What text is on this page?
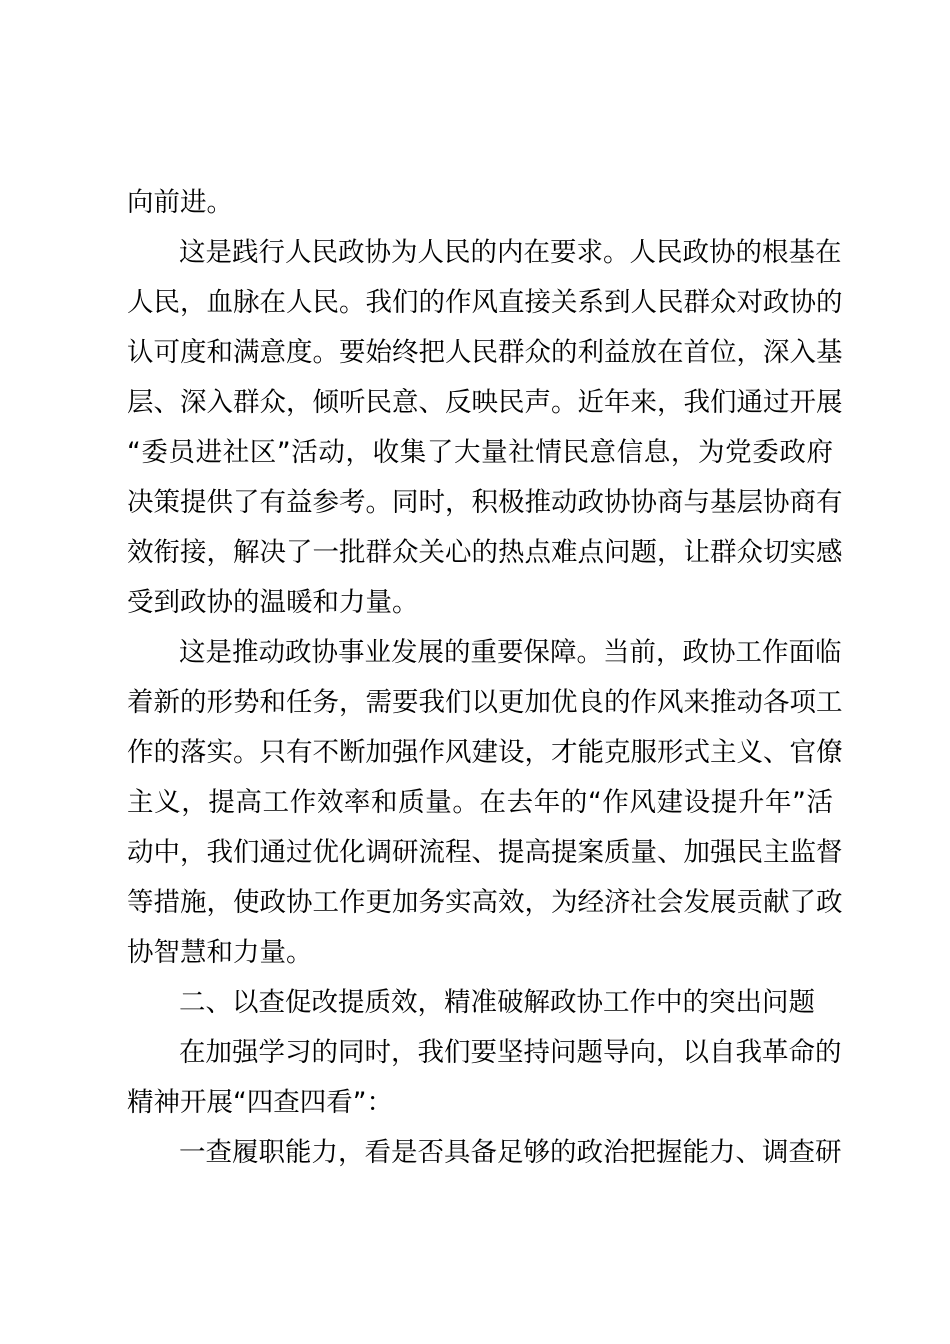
向前进。
这是践行人民政协为人民的内在要求。人民政协的根基在
人民，血脉在人民。我们的作风直接关系到人民群众对政协的
认可度和满意度。要始终把人民群众的利益放在首位，深入基
层、深入群众，倾听民意、反映民声。近年来，我们通过开展
“委员进社区”活动，收集了大量社情民意信息，为党委政府
决策提供了有益参考。同时，积极推动政协协商与基层协商有
效衔接，解决了一批群众关心的热点难点问题，让群众切实感
受到政协的温暖和力量。
这是推动政协事业发展的重要保障。当前，政协工作面临
着新的形势和任务，需要我们以更加优良的作风来推动各项工
作的落实。只有不断加强作风建设，才能克服形式主义、官僚
主义，提高工作效率和质量。在去年的“作风建设提升年”活
动中，我们通过优化调研流程、提高提案质量、加强民主监督
等措施，使政协工作更加务实高效，为经济社会发展贡献了政
协智慧和力量。
二、以查促改提质效，精准破解政协工作中的突出问题
在加强学习的同时，我们要坚持问题导向，以自我革命的
精神开展“四查四看”：
一查履职能力，看是否具备足够的政治把握能力、调查研
